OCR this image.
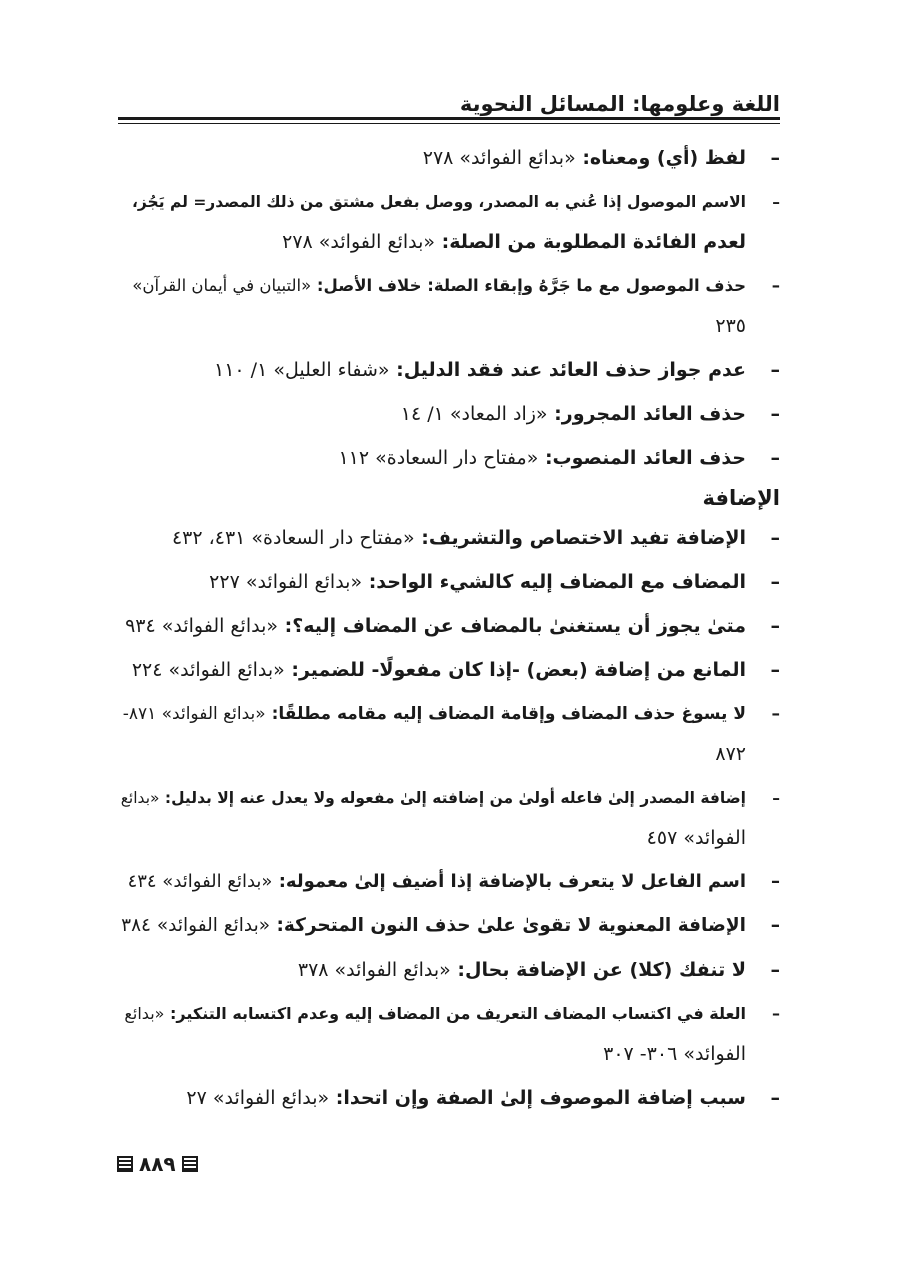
اللغة وعلومها: المسائل النحوية
–لفظ (أي) ومعناه: «بدائع الفوائد» ٢٧٨
–الاسم الموصول إذا عُني به المصدر، ووصل بفعل مشتق من ذلك المصدر= لم يَجُز،
لعدم الفائدة المطلوبة من الصلة: «بدائع الفوائد» ٢٧٨
–حذف الموصول مع ما جَرَّهُ وإبقاء الصلة: خلاف الأصل: «التبيان في أيمان القرآن»
٢٣٥
–عدم جواز حذف العائد عند فقد الدليل: «شفاء العليل» ١/ ١١٠
–حذف العائد المجرور: «زاد المعاد» ١/ ١٤
–حذف العائد المنصوب: «مفتاح دار السعادة» ١١٢
الإضافة
–الإضافة تفيد الاختصاص والتشريف: «مفتاح دار السعادة» ٤٣١، ٤٣٢
–المضاف مع المضاف إليه كالشيء الواحد: «بدائع الفوائد» ٢٢٧
–متىٰ يجوز أن يستغنىٰ بالمضاف عن المضاف إليه؟: «بدائع الفوائد» ٩٣٤
–المانع من إضافة (بعض) -إذا كان مفعولًا- للضمير: «بدائع الفوائد» ٢٢٤
–لا يسوغ حذف المضاف وإقامة المضاف إليه مقامه مطلقًا: «بدائع الفوائد» ٨٧١-
٨٧٢
–إضافة المصدر إلىٰ فاعله أولىٰ من إضافته إلىٰ مفعوله ولا يعدل عنه إلا بدليل: «بدائع
الفوائد» ٤٥٧
–اسم الفاعل لا يتعرف بالإضافة إذا أضيف إلىٰ معموله: «بدائع الفوائد» ٤٣٤
–الإضافة المعنوية لا تقوىٰ علىٰ حذف النون المتحركة: «بدائع الفوائد» ٣٨٤
–لا تنفك (كلا) عن الإضافة بحال: «بدائع الفوائد» ٣٧٨
–العلة في اكتساب المضاف التعريف من المضاف إليه وعدم اكتسابه التنكير: «بدائع
الفوائد» ٣٠٦- ٣٠٧
–سبب إضافة الموصوف إلىٰ الصفة وإن اتحدا: «بدائع الفوائد» ٢٧
٨٨٩
